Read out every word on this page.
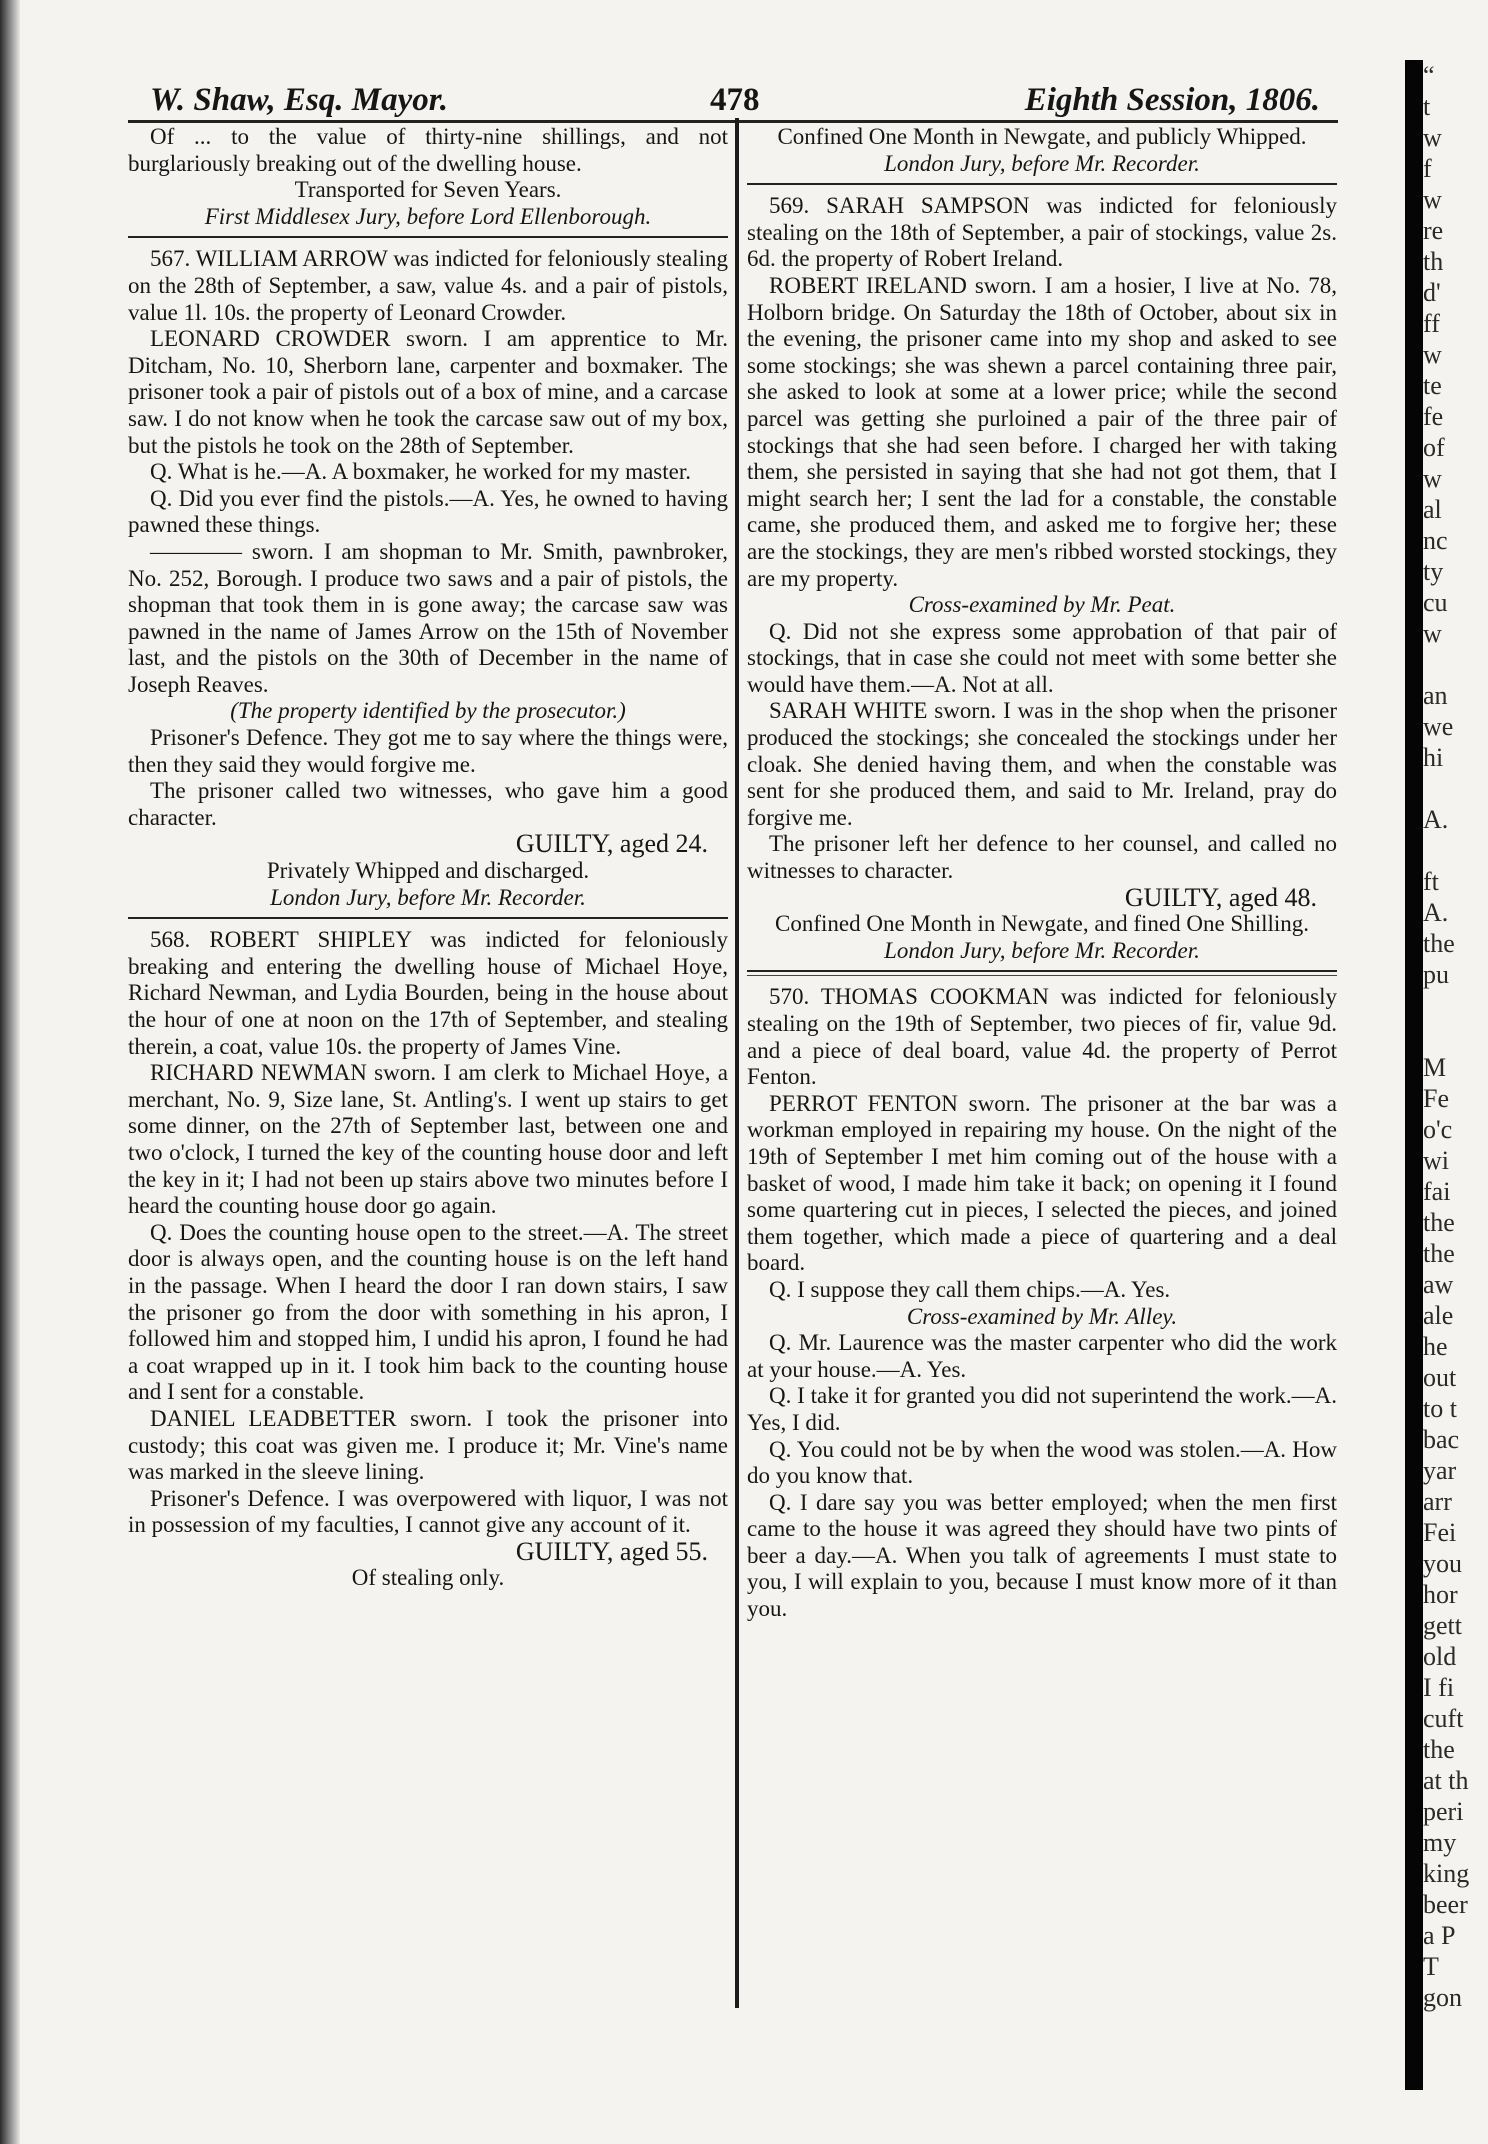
W. Shaw, Esq. Mayor.	478	Eighth Session, 1806.

Of ... to the value of thirty-nine shillings, and not burglariously breaking out of the dwelling house.

Transported for Seven Years.

First Middlesex Jury, before Lord Ellenborough.

567. WILLIAM ARROW was indicted for feloniously stealing on the 28th of September, a saw, value 4s. and a pair of pistols, value 1l. 10s. the property of Leonard Crowder.

LEONARD CROWDER sworn. I am apprentice to Mr. Ditcham, No. 10, Sherborn lane, carpenter and boxmaker. The prisoner took a pair of pistols out of a box of mine, and a carcase saw. I do not know when he took the carcase saw out of my box, but the pistols he took on the 28th of September.

Q. What is he.—A. A boxmaker, he worked for my master.

Q. Did you ever find the pistols.—A. Yes, he owned to having pawned these things.

———— sworn. I am shopman to Mr. Smith, pawnbroker, No. 252, Borough. I produce two saws and a pair of pistols, the shopman that took them in is gone away; the carcase saw was pawned in the name of James Arrow on the 15th of November last, and the pistols on the 30th of December in the name of Joseph Reaves.

(The property identified by the prosecutor.)

Prisoner's Defence. They got me to say where the things were, then they said they would forgive me.

The prisoner called two witnesses, who gave him a good character.

GUILTY, aged 24.

Privately Whipped and discharged.

London Jury, before Mr. Recorder.

568. ROBERT SHIPLEY was indicted for feloniously breaking and entering the dwelling house of Michael Hoye, Richard Newman, and Lydia Bourden, being in the house about the hour of one at noon on the 17th of September, and stealing therein, a coat, value 10s. the property of James Vine.

RICHARD NEWMAN sworn. I am clerk to Michael Hoye, a merchant, No. 9, Size lane, St. Antling's. I went up stairs to get some dinner, on the 27th of September last, between one and two o'clock, I turned the key of the counting house door and left the key in it; I had not been up stairs above two minutes before I heard the counting house door go again.

Q. Does the counting house open to the street.—A. The street door is always open, and the counting house is on the left hand in the passage. When I heard the door I ran down stairs, I saw the prisoner go from the door with something in his apron, I followed him and stopped him, I undid his apron, I found he had a coat wrapped up in it. I took him back to the counting house and I sent for a constable.

DANIEL LEADBETTER sworn. I took the prisoner into custody; this coat was given me. I produce it; Mr. Vine's name was marked in the sleeve lining.

Prisoner's Defence. I was overpowered with liquor, I was not in possession of my faculties, I cannot give any account of it.

GUILTY, aged 55.

Of stealing only.

Confined One Month in Newgate, and publicly Whipped.

London Jury, before Mr. Recorder.

569. SARAH SAMPSON was indicted for feloniously stealing on the 18th of September, a pair of stockings, value 2s. 6d. the property of Robert Ireland.

ROBERT IRELAND sworn. I am a hosier, I live at No. 78, Holborn bridge. On Saturday the 18th of October, about six in the evening, the prisoner came into my shop and asked to see some stockings; she was shewn a parcel containing three pair, she asked to look at some at a lower price; while the second parcel was getting she purloined a pair of the three pair of stockings that she had seen before. I charged her with taking them, she persisted in saying that she had not got them, that I might search her; I sent the lad for a constable, the constable came, she produced them, and asked me to forgive her; these are the stockings, they are men's ribbed worsted stockings, they are my property.

Cross-examined by Mr. Peat.

Q. Did not she express some approbation of that pair of stockings, that in case she could not meet with some better she would have them.—A. Not at all.

SARAH WHITE sworn. I was in the shop when the prisoner produced the stockings; she concealed the stockings under her cloak. She denied having them, and when the constable was sent for she produced them, and said to Mr. Ireland, pray do forgive me.

The prisoner left her defence to her counsel, and called no witnesses to character.

GUILTY, aged 48.

Confined One Month in Newgate, and fined One Shilling.

London Jury, before Mr. Recorder.

570. THOMAS COOKMAN was indicted for feloniously stealing on the 19th of September, two pieces of fir, value 9d. and a piece of deal board, value 4d. the property of Perrot Fenton.

PERROT FENTON sworn. The prisoner at the bar was a workman employed in repairing my house. On the night of the 19th of September I met him coming out of the house with a basket of wood, I made him take it back; on opening it I found some quartering cut in pieces, I selected the pieces, and joined them together, which made a piece of quartering and a deal board.

Q. I suppose they call them chips.—A. Yes.

Cross-examined by Mr. Alley.

Q. Mr. Laurence was the master carpenter who did the work at your house.—A. Yes.

Q. I take it for granted you did not superintend the work.—A. Yes, I did.

Q. You could not be by when the wood was stolen.—A. How do you know that.

Q. I dare say you was better employed; when the men first came to the house it was agreed they should have two pints of beer a day.—A. When you talk of agreements I must state to you, I will explain to you, because I must know more of it than you.

“
t
w
f
w
re
th
d'
ff
w
te
fe
of
w
al
nc
ty
cu
w
an
we
hi
A.
ft
A.
the
pu
M
Fe
o'c
wi
fai
the
the
aw
ale
he
out
to t
bac
yar
arr
Fei
you
hor
gett
old
I fi
cuft
the
at th
peri
my
king
beer
a P
T
gon
